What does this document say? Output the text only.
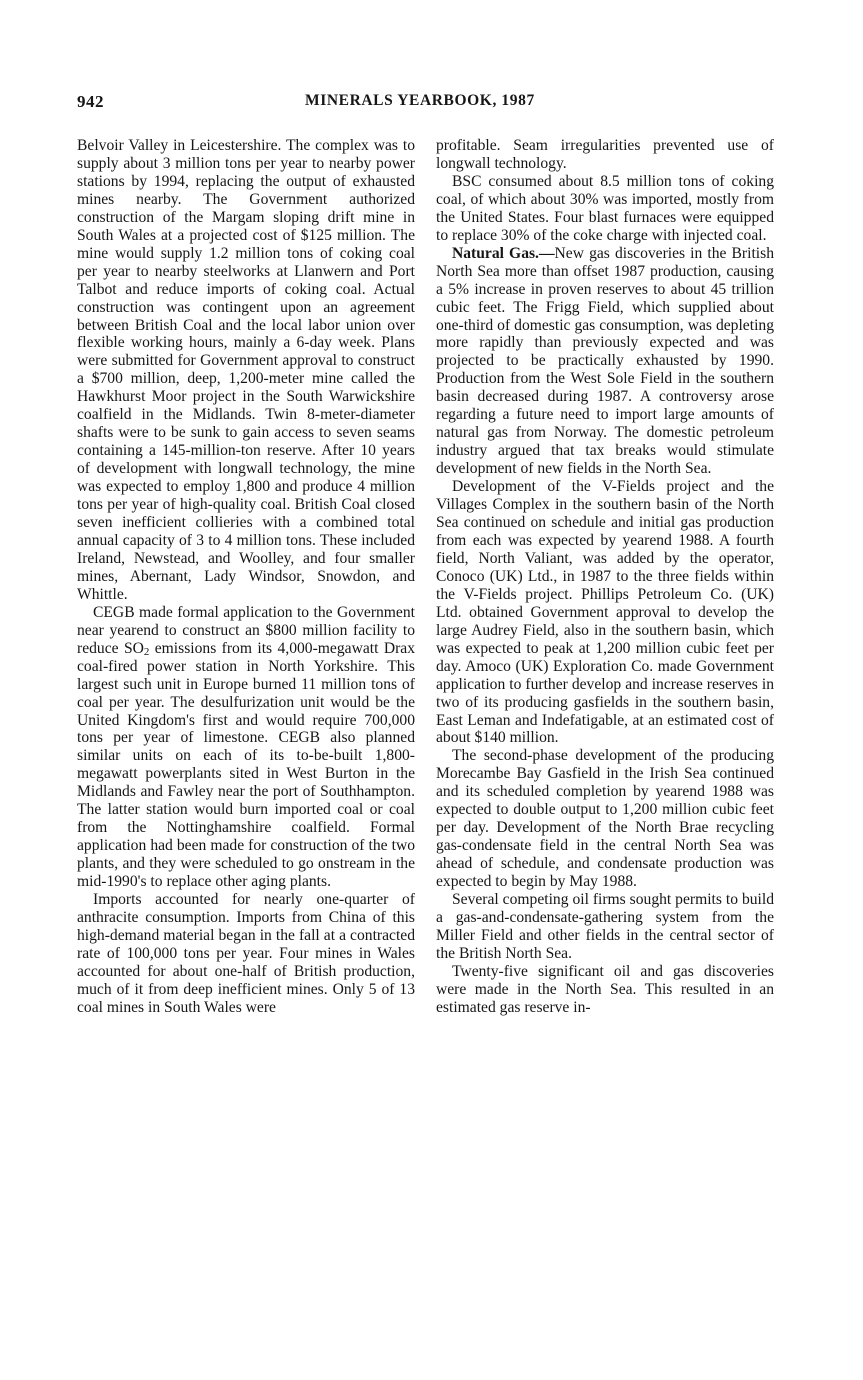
942	MINERALS YEARBOOK, 1987

Belvoir Valley in Leicestershire. The complex was to supply about 3 million tons per year to nearby power stations by 1994, replacing the output of exhausted mines nearby. The Government authorized construction of the Margam sloping drift mine in South Wales at a projected cost of $125 million. The mine would supply 1.2 million tons of coking coal per year to nearby steelworks at Llanwern and Port Talbot and reduce imports of coking coal. Actual construction was contingent upon an agreement between British Coal and the local labor union over flexible working hours, mainly a 6-day week. Plans were submitted for Government approval to construct a $700 million, deep, 1,200-meter mine called the Hawkhurst Moor project in the South Warwickshire coalfield in the Midlands. Twin 8-meter-diameter shafts were to be sunk to gain access to seven seams containing a 145-million-ton reserve. After 10 years of development with longwall technology, the mine was expected to employ 1,800 and produce 4 million tons per year of high-quality coal. British Coal closed seven inefficient collieries with a combined total annual capacity of 3 to 4 million tons. These included Ireland, Newstead, and Woolley, and four smaller mines, Abernant, Lady Windsor, Snowdon, and Whittle.

CEGB made formal application to the Government near yearend to construct an $800 million facility to reduce $SO_2$ emissions from its 4,000-megawatt Drax coal-fired power station in North Yorkshire. This largest such unit in Europe burned 11 million tons of coal per year. The desulfurization unit would be the United Kingdom's first and would require 700,000 tons per year of limestone. CEGB also planned similar units on each of its to-be-built 1,800-megawatt powerplants sited in West Burton in the Midlands and Fawley near the port of Southhampton. The latter station would burn imported coal or coal from the Nottinghamshire coalfield. Formal application had been made for construction of the two plants, and they were scheduled to go onstream in the mid-1990's to replace other aging plants.

Imports accounted for nearly one-quarter of anthracite consumption. Imports from China of this high-demand material began in the fall at a contracted rate of 100,000 tons per year. Four mines in Wales accounted for about one-half of British production, much of it from deep inefficient mines. Only 5 of 13 coal mines in South Wales were

profitable. Seam irregularities prevented use of longwall technology.

BSC consumed about 8.5 million tons of coking coal, of which about 30% was imported, mostly from the United States. Four blast furnaces were equipped to replace 30% of the coke charge with injected coal.

Natural Gas.—New gas discoveries in the British North Sea more than offset 1987 production, causing a 5% increase in proven reserves to about 45 trillion cubic feet. The Frigg Field, which supplied about one-third of domestic gas consumption, was depleting more rapidly than previously expected and was projected to be practically exhausted by 1990. Production from the West Sole Field in the southern basin decreased during 1987. A controversy arose regarding a future need to import large amounts of natural gas from Norway. The domestic petroleum industry argued that tax breaks would stimulate development of new fields in the North Sea.

Development of the V-Fields project and the Villages Complex in the southern basin of the North Sea continued on schedule and initial gas production from each was expected by yearend 1988. A fourth field, North Valiant, was added by the operator, Conoco (UK) Ltd., in 1987 to the three fields within the V-Fields project. Phillips Petroleum Co. (UK) Ltd. obtained Government approval to develop the large Audrey Field, also in the southern basin, which was expected to peak at 1,200 million cubic feet per day. Amoco (UK) Exploration Co. made Government application to further develop and increase reserves in two of its producing gasfields in the southern basin, East Leman and Indefatigable, at an estimated cost of about $140 million.

The second-phase development of the producing Morecambe Bay Gasfield in the Irish Sea continued and its scheduled completion by yearend 1988 was expected to double output to 1,200 million cubic feet per day. Development of the North Brae recycling gas-condensate field in the central North Sea was ahead of schedule, and condensate production was expected to begin by May 1988.

Several competing oil firms sought permits to build a gas-and-condensate-gathering system from the Miller Field and other fields in the central sector of the British North Sea.

Twenty-five significant oil and gas discoveries were made in the North Sea. This resulted in an estimated gas reserve in-
